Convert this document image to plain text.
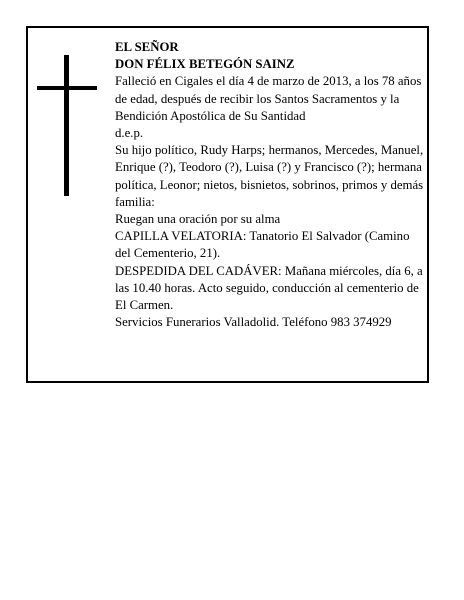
EL SEÑOR

DON FÉLIX BETEGÓN SAINZ

Falleció en Cigales el día 4 de marzo de 2013, a los 78 años de edad, después de recibir los Santos Sacramentos y la Bendición Apostólica de Su Santidad

d.e.p.

Su hijo político, Rudy Harps; hermanos, Mercedes, Manuel, Enrique (?), Teodoro (?), Luisa (?) y Francisco (?); hermana política, Leonor; nietos, bisnietos, sobrinos, primos y demás familia:

Ruegan una oración por su alma

CAPILLA VELATORIA: Tanatorio El Salvador (Camino del Cementerio, 21).

DESPEDIDA DEL CADÁVER: Mañana miércoles, día 6, a las 10.40 horas. Acto seguido, conducción al cementerio de El Carmen.

Servicios Funerarios Valladolid. Teléfono 983 374929
